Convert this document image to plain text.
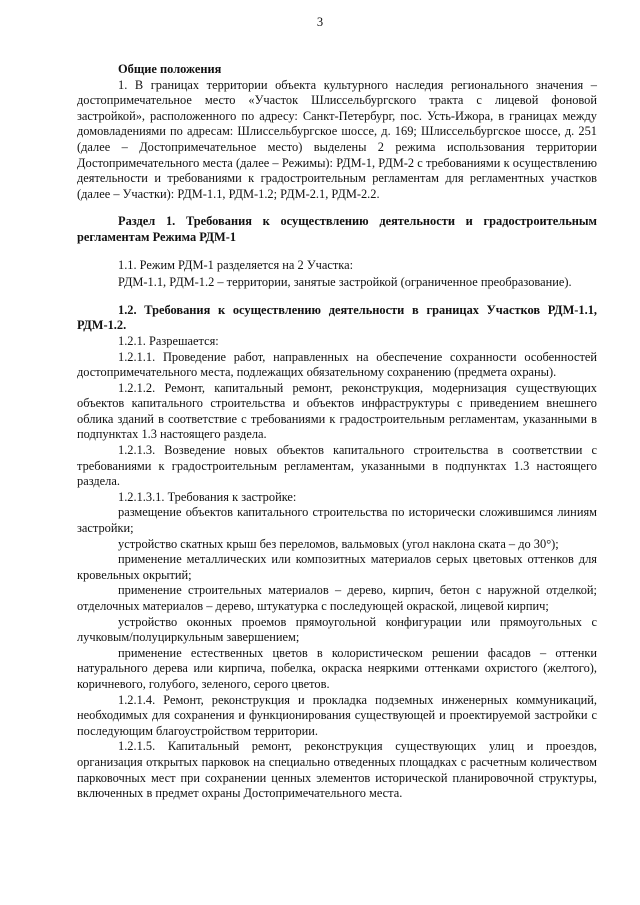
3

Общие положения

1. В границах территории объекта культурного наследия регионального значения – достопримечательное место «Участок Шлиссельбургского тракта с лицевой фоновой застройкой», расположенного по адресу: Санкт-Петербург, пос. Усть-Ижора, в границах между домовладениями по адресам: Шлиссельбургское шоссе, д. 169; Шлиссельбургское шоссе, д. 251 (далее – Достопримечательное место) выделены 2 режима использования территории Достопримечательного места (далее – Режимы): РДМ-1, РДМ-2 с требованиями к осуществлению деятельности и требованиями к градостроительным регламентам для регламентных участков (далее – Участки): РДМ-1.1, РДМ-1.2; РДМ-2.1, РДМ-2.2.

Раздел 1. Требования к осуществлению деятельности и градостроительным регламентам Режима РДМ-1

1.1. Режим РДМ-1 разделяется на 2 Участка:

РДМ-1.1, РДМ-1.2 – территории, занятые застройкой (ограниченное преобразование).

1.2. Требования к осуществлению деятельности в границах Участков РДМ-1.1, РДМ-1.2.

1.2.1. Разрешается:

1.2.1.1. Проведение работ, направленных на обеспечение сохранности особенностей достопримечательного места, подлежащих обязательному сохранению (предмета охраны).

1.2.1.2. Ремонт, капитальный ремонт, реконструкция, модернизация существующих объектов капитального строительства и объектов инфраструктуры с приведением внешнего облика зданий в соответствие с требованиями к градостроительным регламентам, указанными в подпунктах 1.3 настоящего раздела.

1.2.1.3. Возведение новых объектов капитального строительства в соответствии с требованиями к градостроительным регламентам, указанными в подпунктах 1.3 настоящего раздела.

1.2.1.3.1. Требования к застройке:

размещение объектов капитального строительства по исторически сложившимся линиям застройки;

устройство скатных крыш без переломов, вальмовых (угол наклона ската – до 30°);

применение металлических или композитных материалов серых цветовых оттенков для кровельных окрытий;

применение строительных материалов – дерево, кирпич, бетон с наружной отделкой; отделочных материалов – дерево, штукатурка с последующей окраской, лицевой кирпич;

устройство оконных проемов прямоугольной конфигурации или прямоугольных с лучковым/полуциркульным завершением;

применение естественных цветов в колористическом решении фасадов – оттенки натурального дерева или кирпича, побелка, окраска неяркими оттенками охристого (желтого), коричневого, голубого, зеленого, серого цветов.

1.2.1.4. Ремонт, реконструкция и прокладка подземных инженерных коммуникаций, необходимых для сохранения и функционирования существующей и проектируемой застройки с последующим благоустройством территории.

1.2.1.5. Капитальный ремонт, реконструкция существующих улиц и проездов, организация открытых парковок на специально отведенных площадках с расчетным количеством парковочных мест при сохранении ценных элементов исторической планировочной структуры, включенных в предмет охраны Достопримечательного места.
